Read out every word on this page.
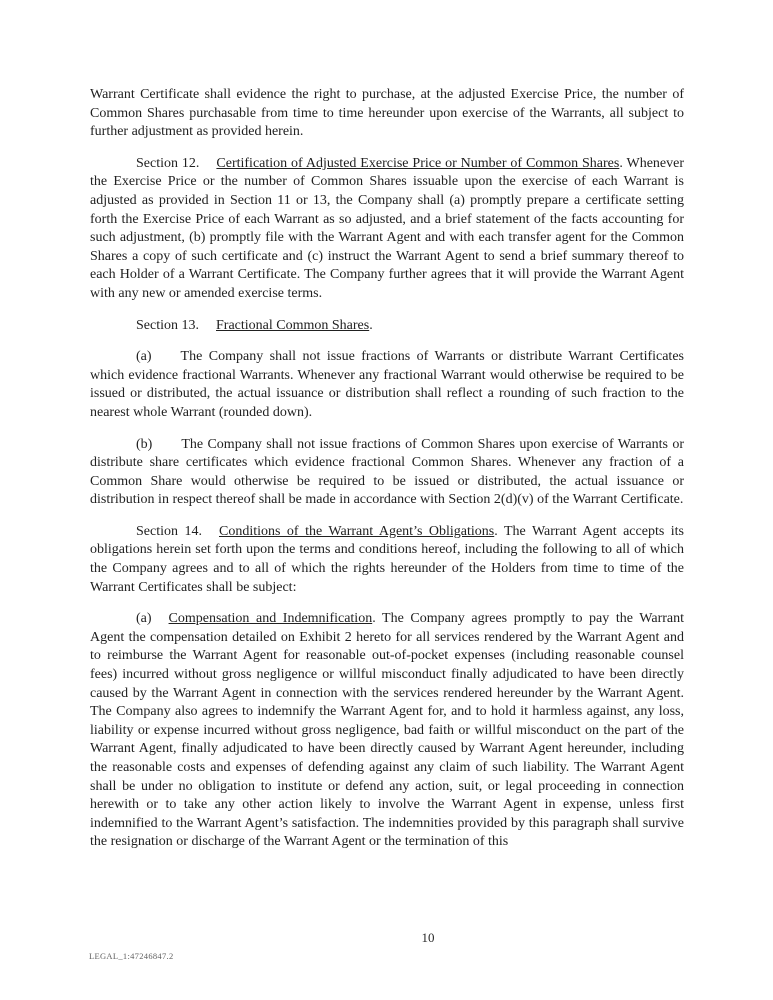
Warrant Certificate shall evidence the right to purchase, at the adjusted Exercise Price, the number of Common Shares purchasable from time to time hereunder upon exercise of the Warrants, all subject to further adjustment as provided herein.

Section 12. Certification of Adjusted Exercise Price or Number of Common Shares. Whenever the Exercise Price or the number of Common Shares issuable upon the exercise of each Warrant is adjusted as provided in Section 11 or 13, the Company shall (a) promptly prepare a certificate setting forth the Exercise Price of each Warrant as so adjusted, and a brief statement of the facts accounting for such adjustment, (b) promptly file with the Warrant Agent and with each transfer agent for the Common Shares a copy of such certificate and (c) instruct the Warrant Agent to send a brief summary thereof to each Holder of a Warrant Certificate. The Company further agrees that it will provide the Warrant Agent with any new or amended exercise terms.

Section 13. Fractional Common Shares.

(a) The Company shall not issue fractions of Warrants or distribute Warrant Certificates which evidence fractional Warrants. Whenever any fractional Warrant would otherwise be required to be issued or distributed, the actual issuance or distribution shall reflect a rounding of such fraction to the nearest whole Warrant (rounded down).

(b) The Company shall not issue fractions of Common Shares upon exercise of Warrants or distribute share certificates which evidence fractional Common Shares. Whenever any fraction of a Common Share would otherwise be required to be issued or distributed, the actual issuance or distribution in respect thereof shall be made in accordance with Section 2(d)(v) of the Warrant Certificate.

Section 14. Conditions of the Warrant Agent’s Obligations. The Warrant Agent accepts its obligations herein set forth upon the terms and conditions hereof, including the following to all of which the Company agrees and to all of which the rights hereunder of the Holders from time to time of the Warrant Certificates shall be subject:

(a) Compensation and Indemnification. The Company agrees promptly to pay the Warrant Agent the compensation detailed on Exhibit 2 hereto for all services rendered by the Warrant Agent and to reimburse the Warrant Agent for reasonable out-of-pocket expenses (including reasonable counsel fees) incurred without gross negligence or willful misconduct finally adjudicated to have been directly caused by the Warrant Agent in connection with the services rendered hereunder by the Warrant Agent. The Company also agrees to indemnify the Warrant Agent for, and to hold it harmless against, any loss, liability or expense incurred without gross negligence, bad faith or willful misconduct on the part of the Warrant Agent, finally adjudicated to have been directly caused by Warrant Agent hereunder, including the reasonable costs and expenses of defending against any claim of such liability. The Warrant Agent shall be under no obligation to institute or defend any action, suit, or legal proceeding in connection herewith or to take any other action likely to involve the Warrant Agent in expense, unless first indemnified to the Warrant Agent’s satisfaction. The indemnities provided by this paragraph shall survive the resignation or discharge of the Warrant Agent or the termination of this

10
LEGAL_1:47246847.2
